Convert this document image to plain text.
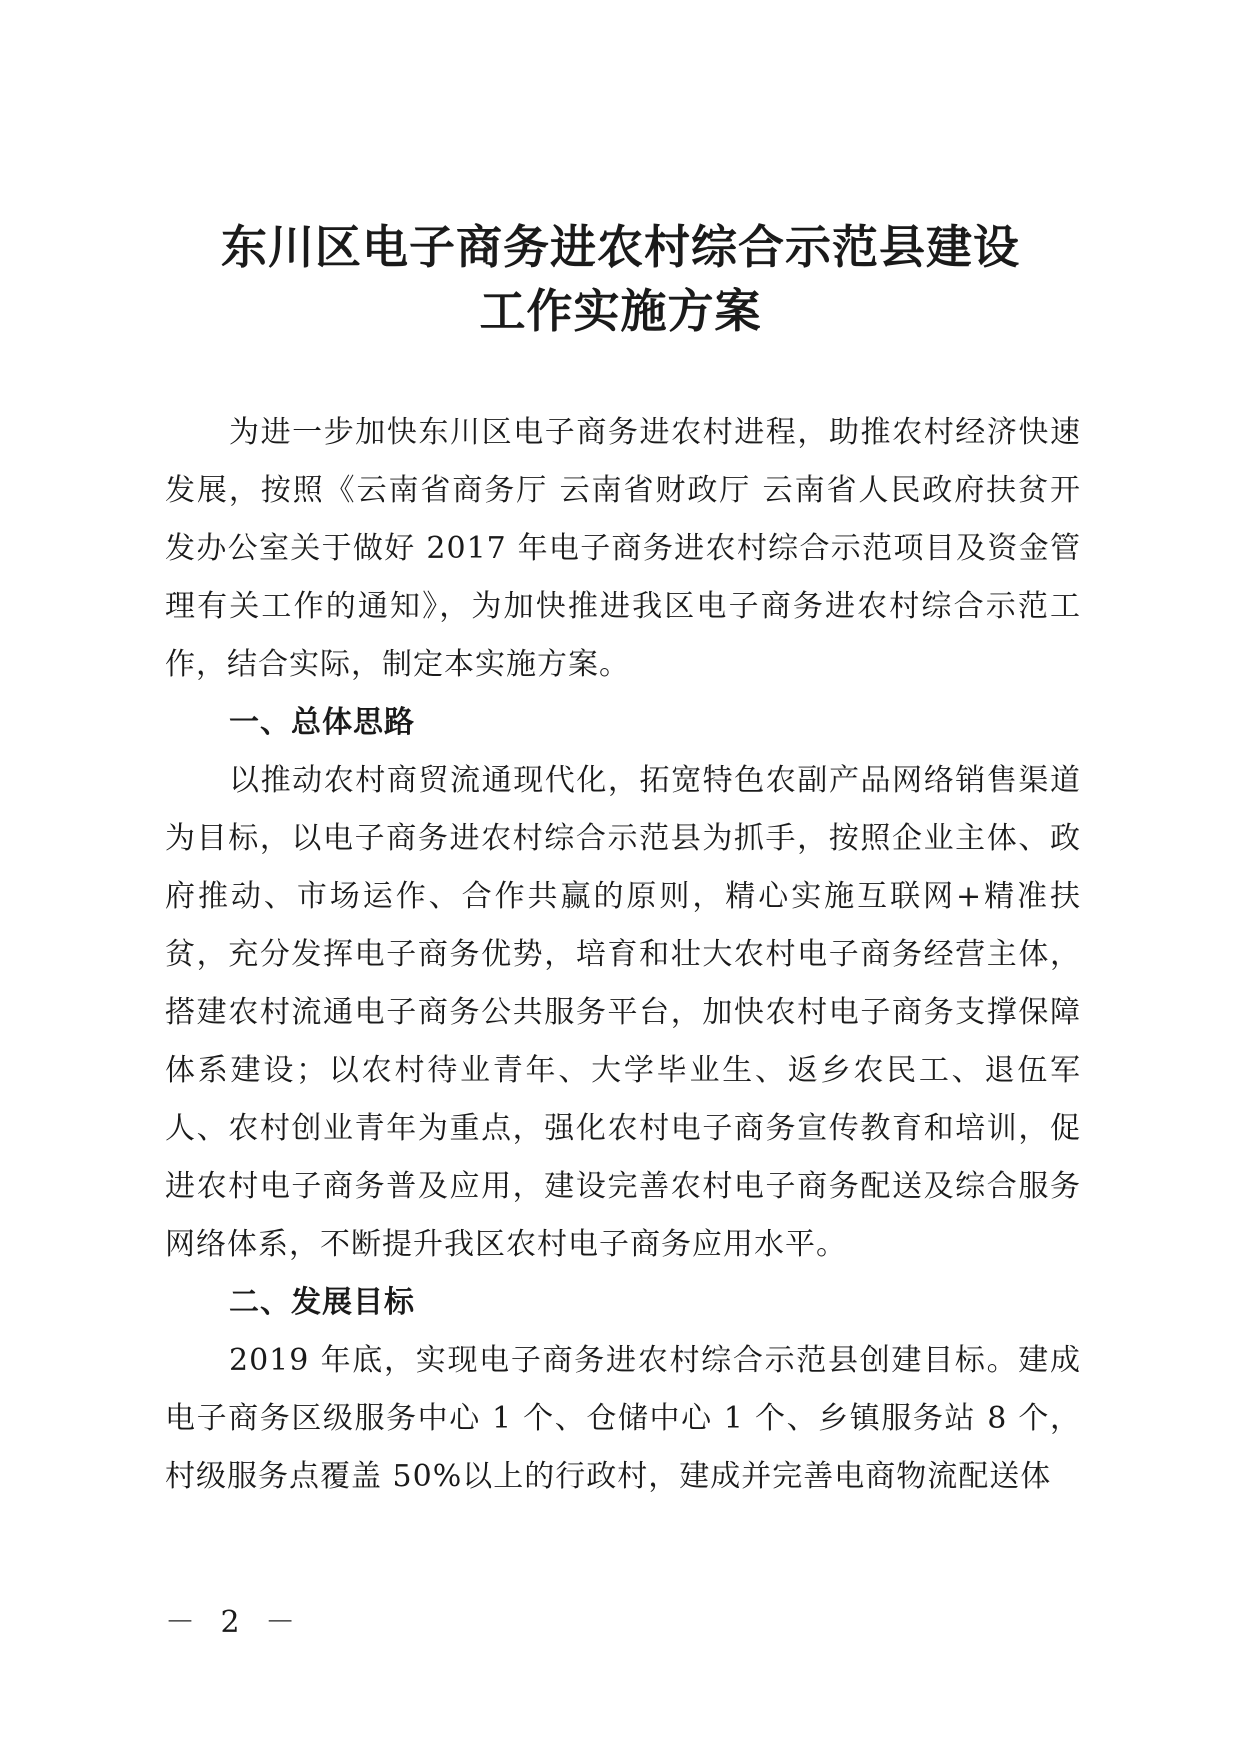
东川区电子商务进农村综合示范县建设
工作实施方案

为进一步加快东川区电子商务进农村进程，助推农村经济快速发展，按照《云南省商务厅 云南省财政厅 云南省人民政府扶贫开发办公室关于做好 2017 年电子商务进农村综合示范项目及资金管理有关工作的通知》，为加快推进我区电子商务进农村综合示范工作，结合实际，制定本实施方案。

一、总体思路

以推动农村商贸流通现代化，拓宽特色农副产品网络销售渠道为目标，以电子商务进农村综合示范县为抓手，按照企业主体、政府推动、市场运作、合作共赢的原则，精心实施互联网+精准扶贫，充分发挥电子商务优势，培育和壮大农村电子商务经营主体，搭建农村流通电子商务公共服务平台，加快农村电子商务支撑保障体系建设；以农村待业青年、大学毕业生、返乡农民工、退伍军人、农村创业青年为重点，强化农村电子商务宣传教育和培训，促进农村电子商务普及应用，建设完善农村电子商务配送及综合服务网络体系，不断提升我区农村电子商务应用水平。

二、发展目标

2019 年底，实现电子商务进农村综合示范县创建目标。建成电子商务区级服务中心 1 个、仓储中心 1 个、乡镇服务站 8 个，村级服务点覆盖 50%以上的行政村，建成并完善电商物流配送体

－ 2 －
